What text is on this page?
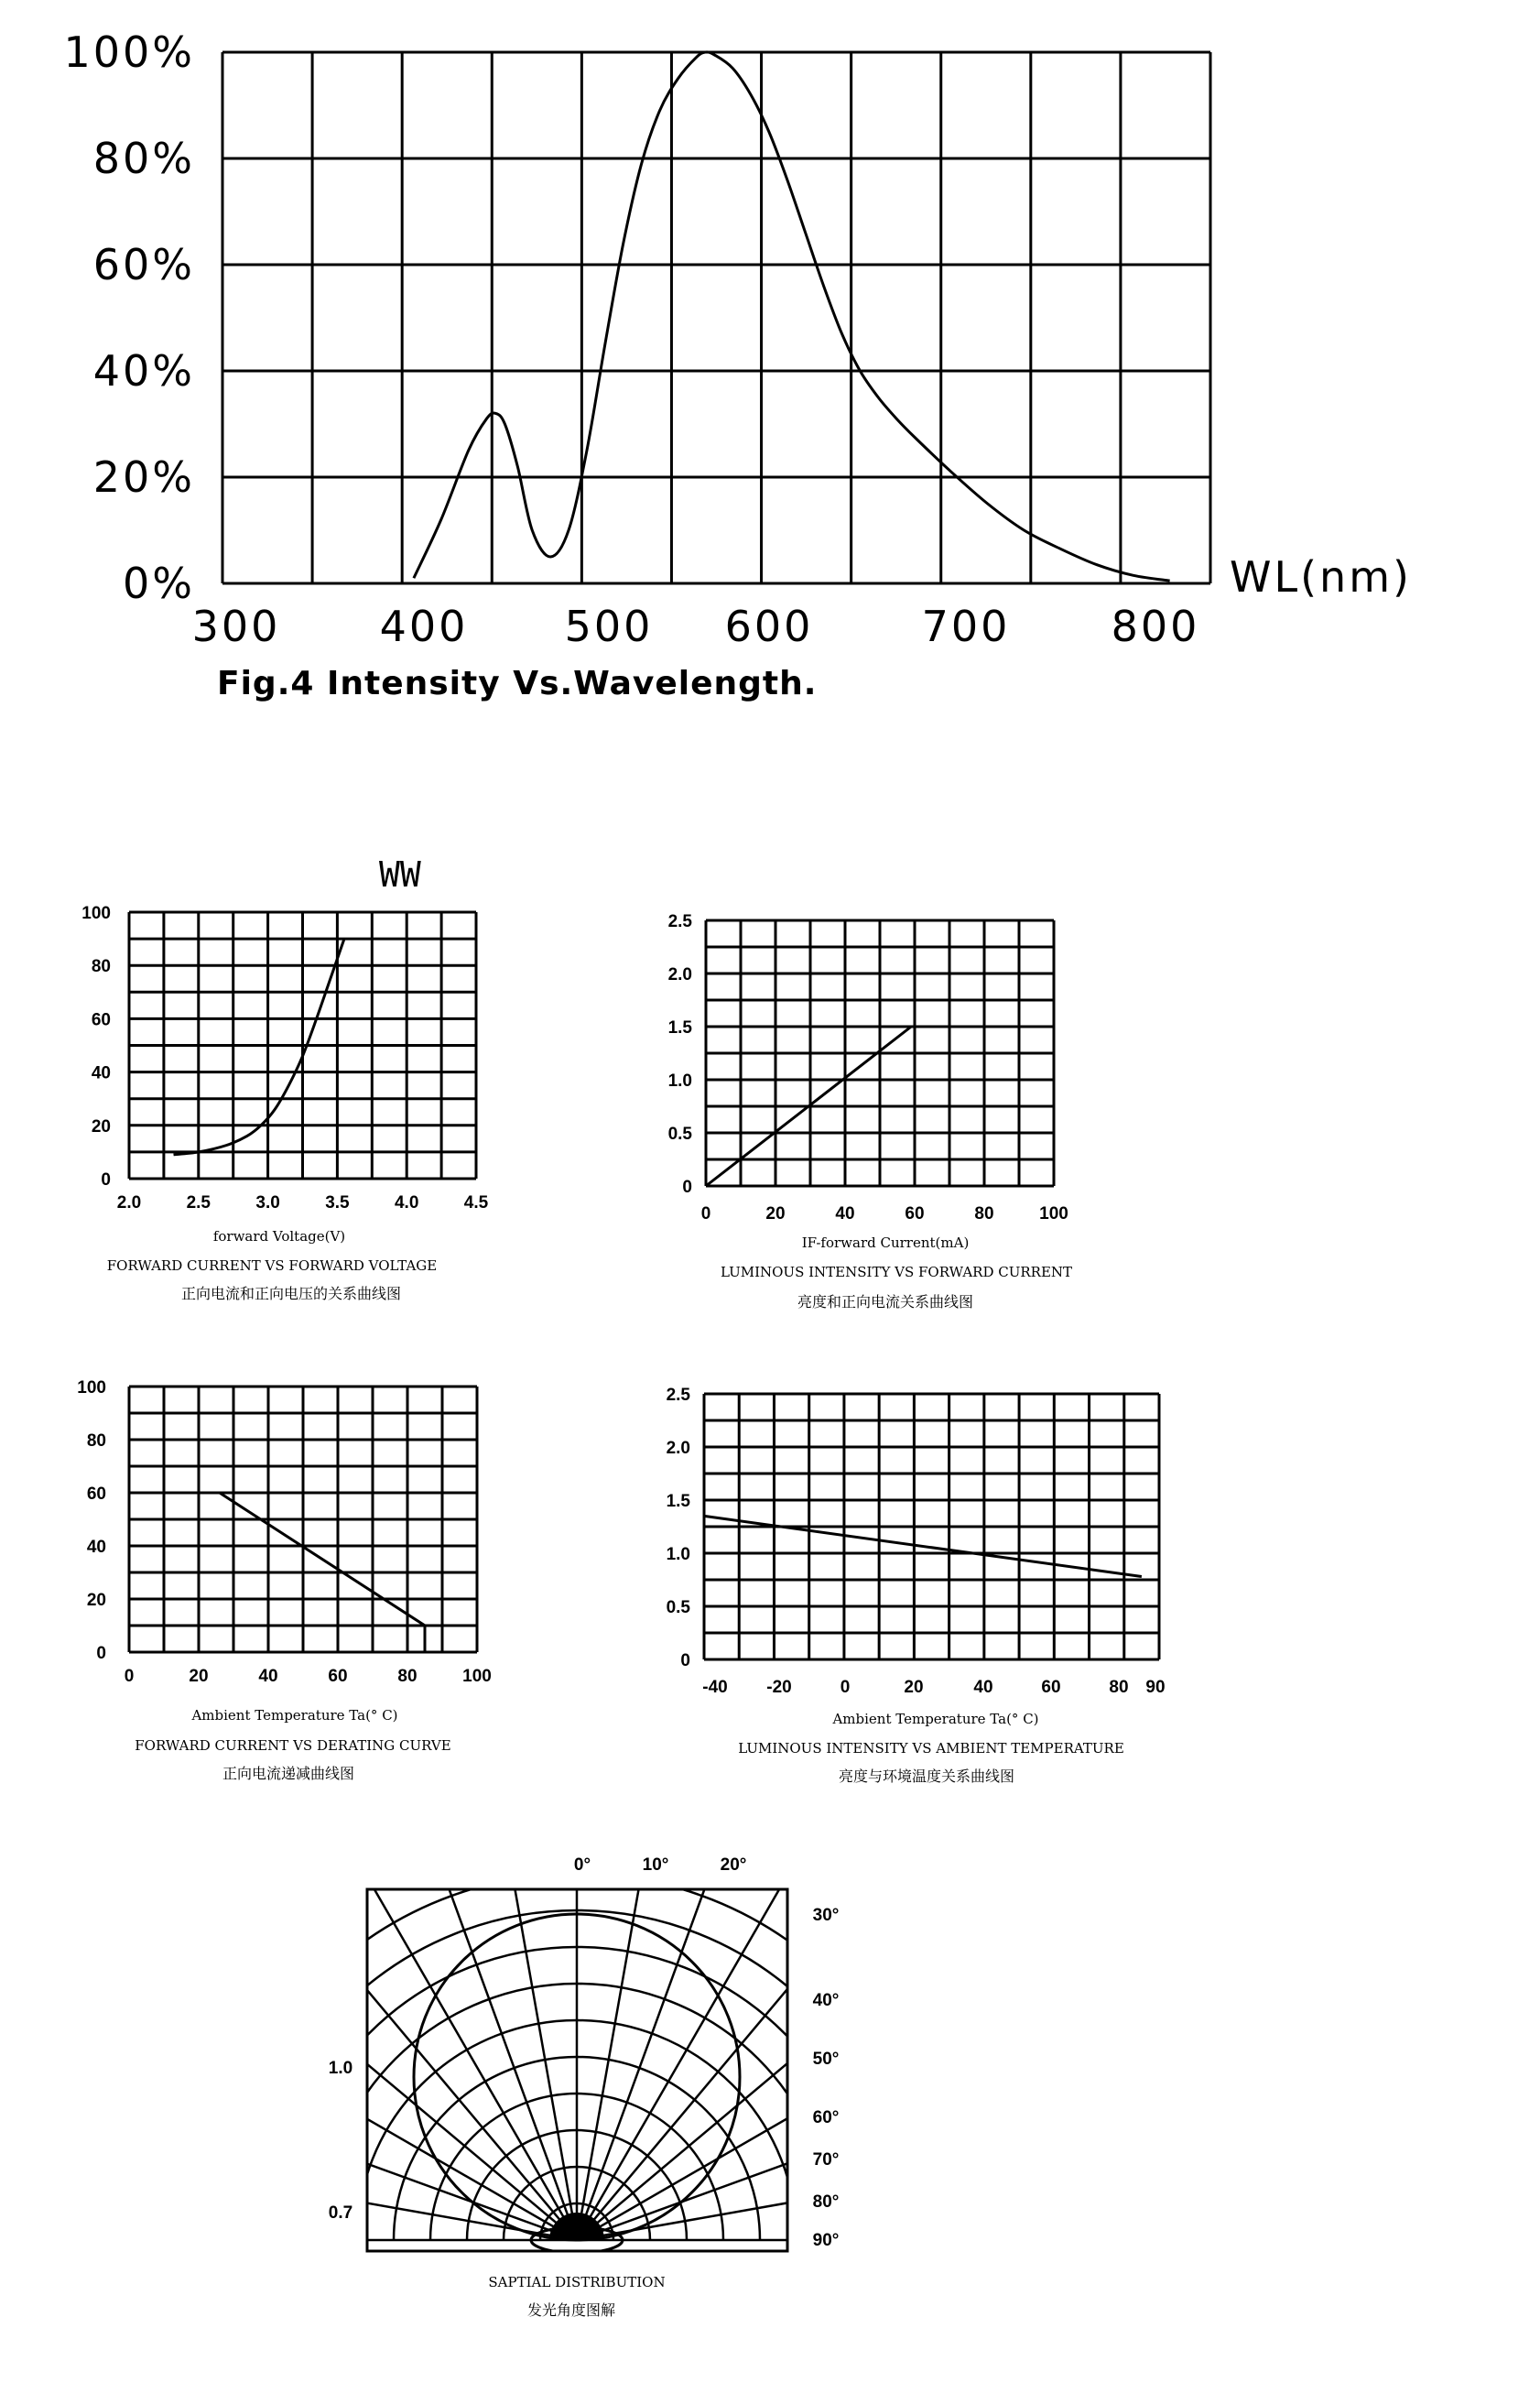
0%
20%
40%
60%
80%
100%
300 400 500 600	700 800
WL(nm)
Fig.4 Intensity Vs.Wavelength.
WW
0
20
40
60
80
100
2.0	2.5	3.0	3.5	4.0	4.5
0
0.5
1.0
1.5
2.0
2.5
0	20	40	60	80	100
0
20
40
60
80
100
0	20	40	60	80	100
0
0.5
1.0
1.5
2.0
2.5
-40 -20	0	20	40	60	80 90
forward Voltage(V)
FORWARD CURRENT VS FORWARD VOLTAGE
正向电流和正向电压的关系曲线图
IF-forward Current(mA)
LUMINOUS INTENSITY VS FORWARD CURRENT
亮度和正向电流关系曲线图
Ambient Temperature Ta(° C)
FORWARD CURRENT VS DERATING CURVE
正向电流递减曲线图
Ambient Temperature Ta(° C)
LUMINOUS INTENSITY VS AMBIENT TEMPERATURE
亮度与环境温度关系曲线图
0°	10°	20°
30°
40°
50°
60°
70°
80°
90°
1.0
0.7
SAPTIAL DISTRIBUTION
发光角度图解
